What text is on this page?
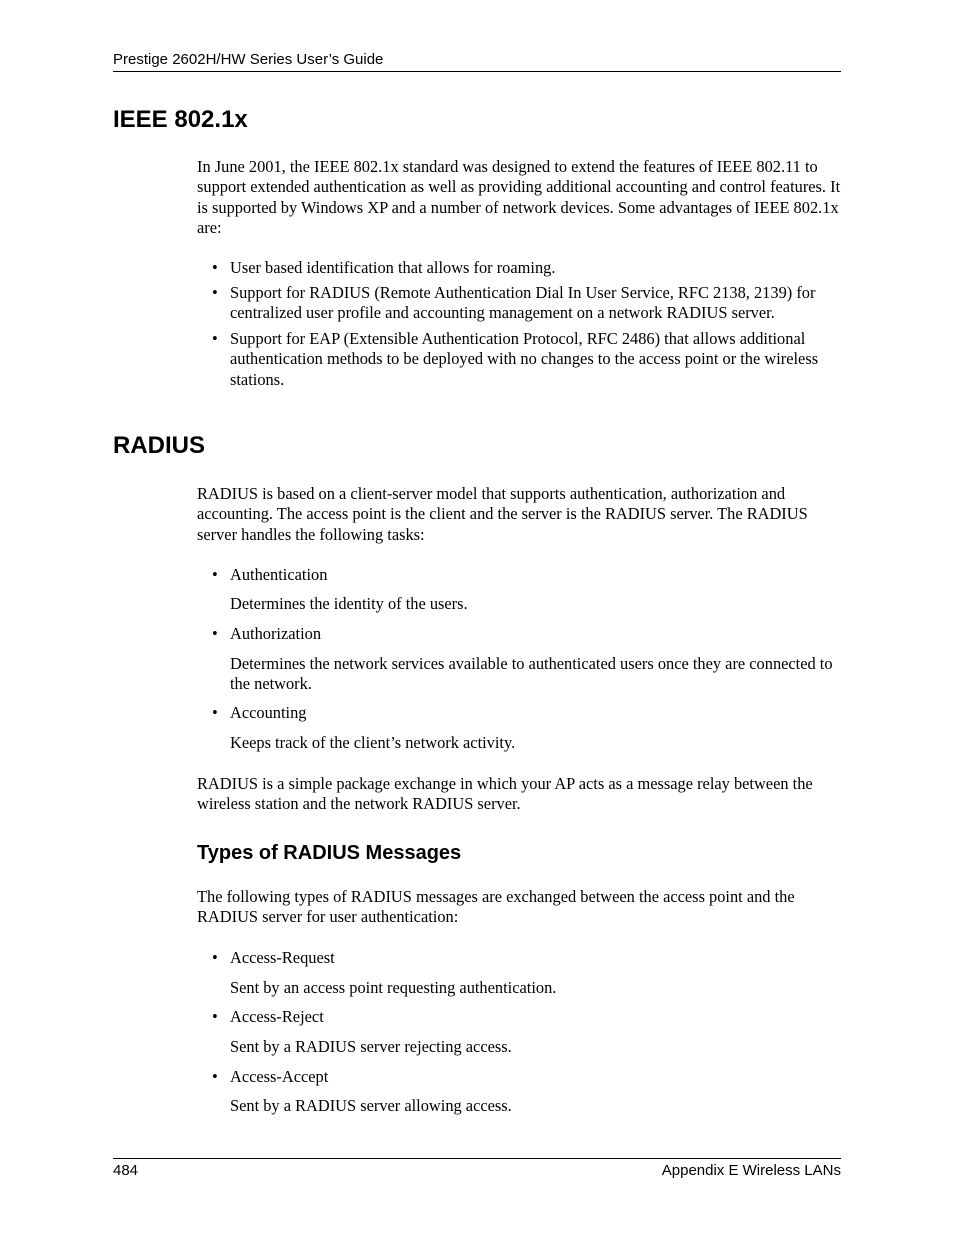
Prestige 2602H/HW Series User’s Guide
IEEE 802.1x

In June 2001, the IEEE 802.1x standard was designed to extend the features of IEEE 802.11 to support extended authentication as well as providing additional accounting and control features. It is supported by Windows XP and a number of network devices. Some advantages of IEEE 802.1x are:

• User based identification that allows for roaming.
• Support for RADIUS (Remote Authentication Dial In User Service, RFC 2138, 2139) for centralized user profile and accounting management on a network RADIUS server.
• Support for EAP (Extensible Authentication Protocol, RFC 2486) that allows additional authentication methods to be deployed with no changes to the access point or the wireless stations.
RADIUS

RADIUS is based on a client-server model that supports authentication, authorization and accounting. The access point is the client and the server is the RADIUS server. The RADIUS server handles the following tasks:

• Authentication

Determines the identity of the users.

• Authorization

Determines the network services available to authenticated users once they are connected to the network.

• Accounting

Keeps track of the client’s network activity.

RADIUS is a simple package exchange in which your AP acts as a message relay between the wireless station and the network RADIUS server.

Types of RADIUS Messages

The following types of RADIUS messages are exchanged between the access point and the RADIUS server for user authentication:

• Access-Request

Sent by an access point requesting authentication.

• Access-Reject

Sent by a RADIUS server rejecting access.

• Access-Accept

Sent by a RADIUS server allowing access.

484	Appendix E Wireless LANs
